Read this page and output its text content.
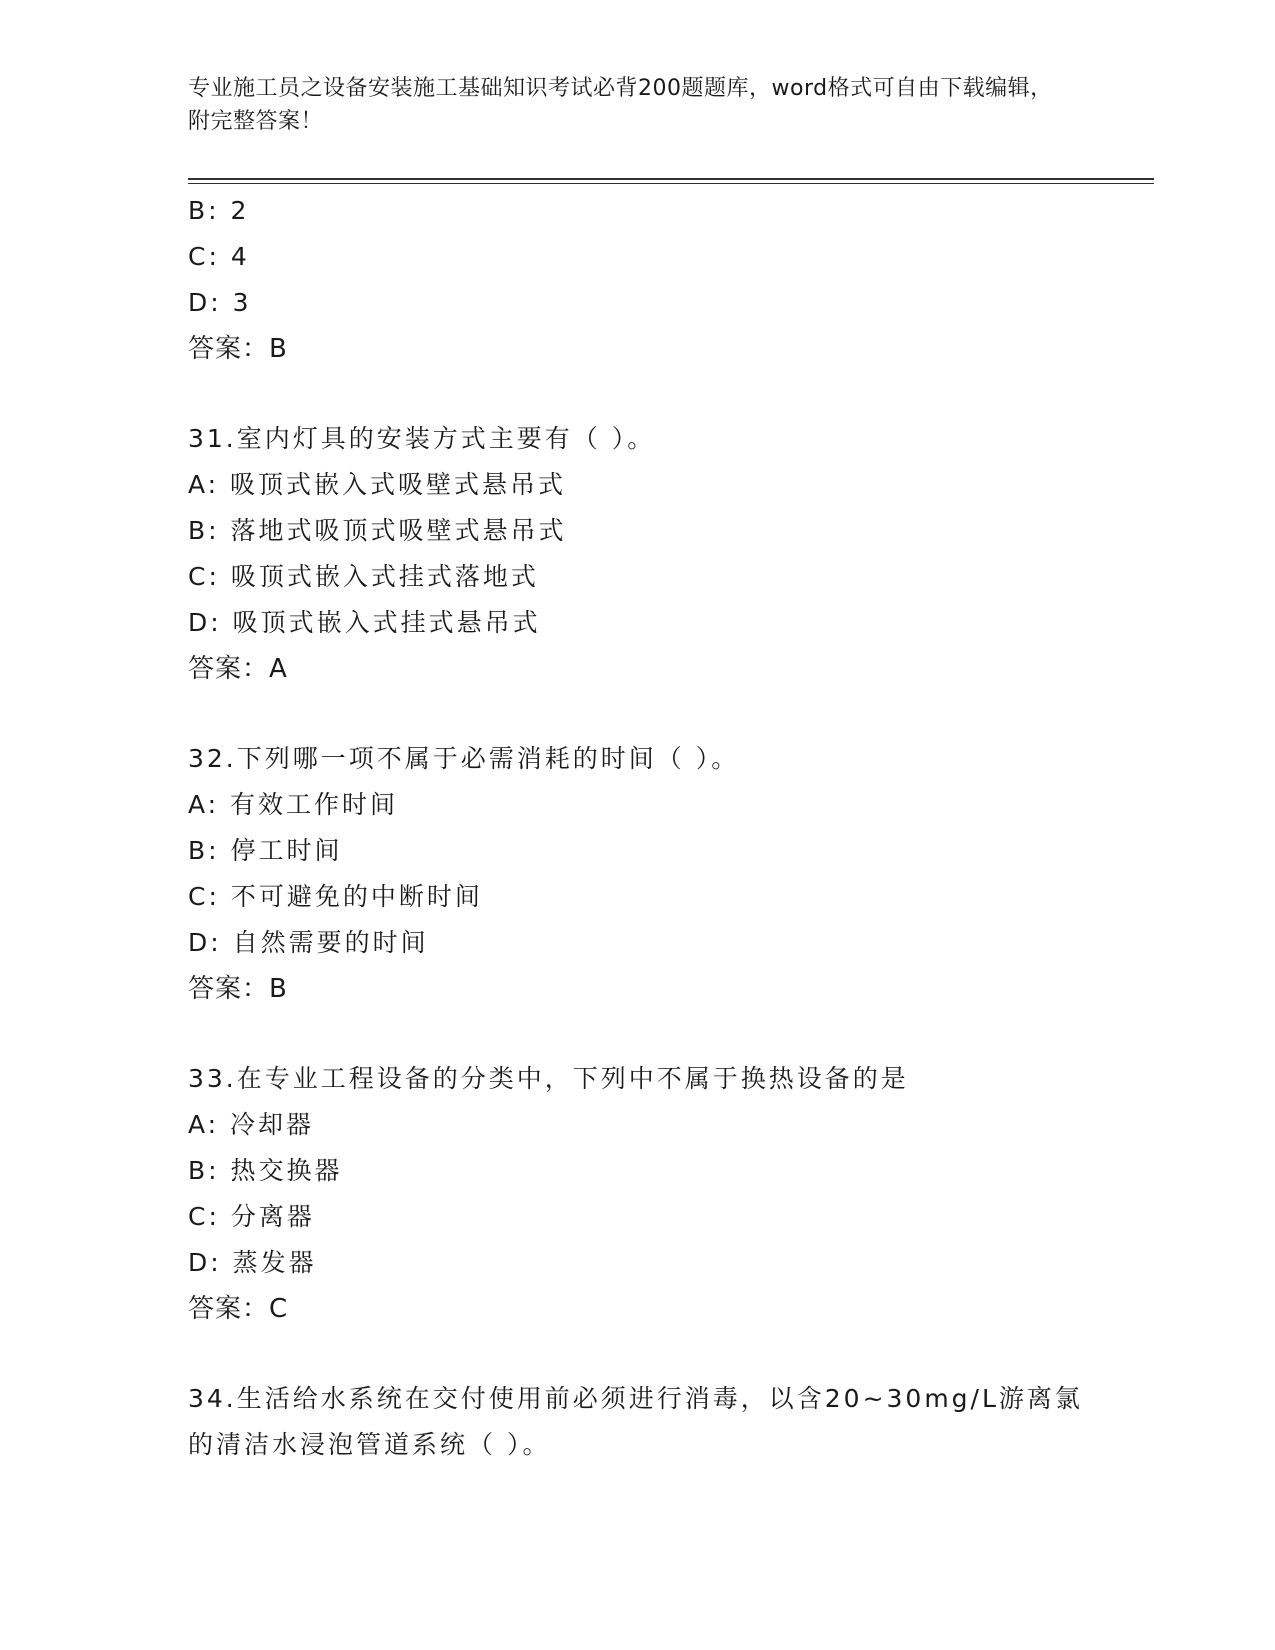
专业施工员之设备安装施工基础知识考试必背200题题库，word格式可自由下载编辑，附完整答案！
B: 2
C: 4
D: 3
答案：B
31.室内灯具的安装方式主要有（ ）。
A: 吸顶式嵌入式吸壁式悬吊式
B: 落地式吸顶式吸壁式悬吊式
C: 吸顶式嵌入式挂式落地式
D: 吸顶式嵌入式挂式悬吊式
答案：A
32.下列哪一项不属于必需消耗的时间（ ）。
A: 有效工作时间
B: 停工时间
C: 不可避免的中断时间
D: 自然需要的时间
答案：B
33.在专业工程设备的分类中，下列中不属于换热设备的是
A: 冷却器
B: 热交换器
C: 分离器
D: 蒸发器
答案：C
34.生活给水系统在交付使用前必须进行消毒，以含20~30mg/L游离氯的清洁水浸泡管道系统（ ）。
